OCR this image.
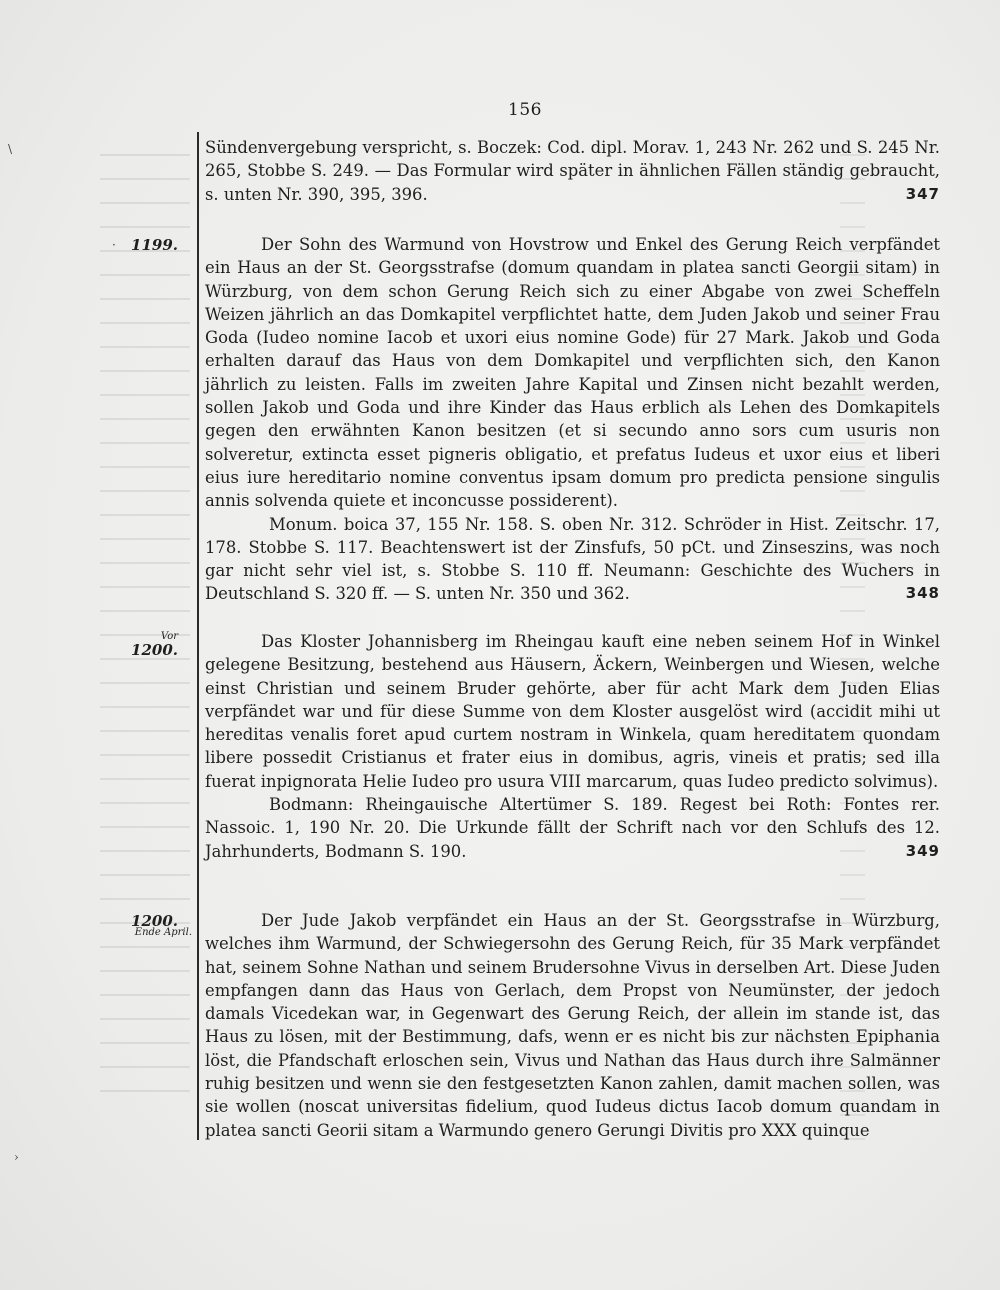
156

Sündenvergebung verspricht, s. Boczek: Cod. dipl. Morav. 1, 243 Nr. 262 und S. 245 Nr. 265, Stobbe S. 249. — Das Formular wird später in ähnlichen Fällen ständig gebraucht, s. unten Nr. 390, 395, 396.	347

1199.	Der Sohn des Warmund von Hovstrow und Enkel des Gerung Reich verpfändet ein Haus an der St. Georgsstrafse (domum quandam in platea sancti Georgii sitam) in Würzburg, von dem schon Gerung Reich sich zu einer Abgabe von zwei Scheffeln Weizen jährlich an das Domkapitel verpflichtet hatte, dem Juden Jakob und seiner Frau Goda (Iudeo nomine Iacob et uxori eius nomine Gode) für 27 Mark. Jakob und Goda erhalten darauf das Haus von dem Domkapitel und verpflichten sich, den Kanon jährlich zu leisten. Falls im zweiten Jahre Kapital und Zinsen nicht bezahlt werden, sollen Jakob und Goda und ihre Kinder das Haus erblich als Lehen des Domkapitels gegen den erwähnten Kanon besitzen (et si secundo anno sors cum usuris non solveretur, extincta esset pigneris obligatio, et prefatus Iudeus et uxor eius et liberi eius iure hereditario nomine conventus ipsam domum pro predicta pensione singulis annis solvenda quiete et inconcusse possiderent).

Monum. boica 37, 155 Nr. 158. S. oben Nr. 312. Schröder in Hist. Zeitschr. 17, 178. Stobbe S. 117. Beachtenswert ist der Zinsfufs, 50 pCt. und Zinseszins, was noch gar nicht sehr viel ist, s. Stobbe S. 110 ff. Neumann: Geschichte des Wuchers in Deutschland S. 320 ff. — S. unten Nr. 350 und 362.	348

Vor
1200.	Das Kloster Johannisberg im Rheingau kauft eine neben seinem Hof in Winkel gelegene Besitzung, bestehend aus Häusern, Äckern, Weinbergen und Wiesen, welche einst Christian und seinem Bruder gehörte, aber für acht Mark dem Juden Elias verpfändet war und für diese Summe von dem Kloster ausgelöst wird (accidit mihi ut hereditas venalis foret apud curtem nostram in Winkela, quam hereditatem quondam libere possedit Cristianus et frater eius in domibus, agris, vineis et pratis; sed illa fuerat inpignorata Helie Iudeo pro usura VIII marcarum, quas Iudeo predicto solvimus).

Bodmann: Rheingauische Altertümer S. 189. Regest bei Roth: Fontes rer. Nassoic. 1, 190 Nr. 20. Die Urkunde fällt der Schrift nach vor den Schlufs des 12. Jahrhunderts, Bodmann S. 190.	349

1200.
Ende April.

Der Jude Jakob verpfändet ein Haus an der St. Georgsstrafse in Würzburg, welches ihm Warmund, der Schwiegersohn des Gerung Reich, für 35 Mark verpfändet hat, seinem Sohne Nathan und seinem Brudersohne Vivus in derselben Art. Diese Juden empfangen dann das Haus von Gerlach, dem Propst von Neumünster, der jedoch damals Vicedekan war, in Gegenwart des Gerung Reich, der allein im stande ist, das Haus zu lösen, mit der Bestimmung, dafs, wenn er es nicht bis zur nächsten Epiphania löst, die Pfandschaft erloschen sein, Vivus und Nathan das Haus durch ihre Salmänner ruhig besitzen und wenn sie den festgesetzten Kanon zahlen, damit machen sollen, was sie wollen (noscat universitas fidelium, quod Iudeus dictus Iacob domum quandam in platea sancti Georii sitam a Warmundo genero Gerungi Divitis pro XXX quinque

\
·
›
